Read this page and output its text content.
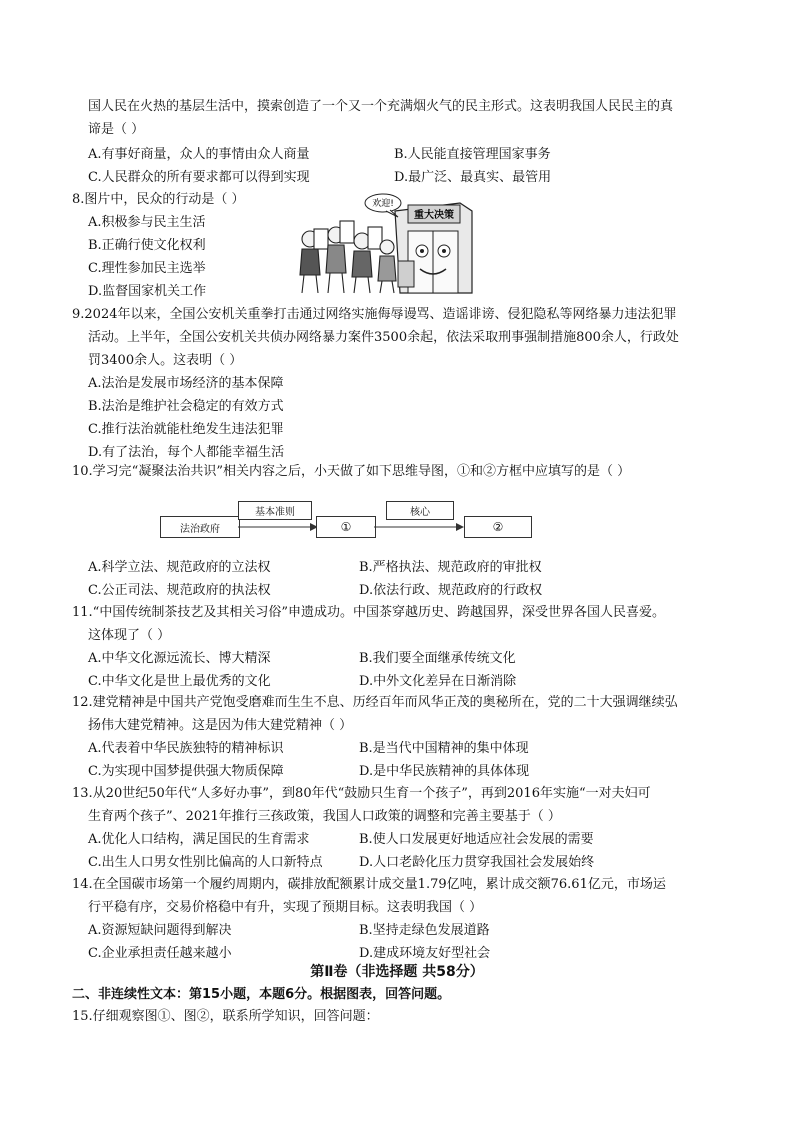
国人民在火热的基层生活中，摸索创造了一个又一个充满烟火气的民主形式。这表明我国人民民主的真
谛是（ ）
A.有事好商量，众人的事情由众人商量	B.人民能直接管理国家事务
C.人民群众的所有要求都可以得到实现	D.最广泛、最真实、最管用
8.图片中，民众的行动是（ ）
A.积极参与民主生活
B.正确行使文化权利
C.理性参加民主选举
D.监督国家机关工作
重大决策
欢迎!
9.2024年以来，全国公安机关重拳打击通过网络实施侮辱谩骂、造谣诽谤、侵犯隐私等网络暴力违法犯罪
活动。上半年，全国公安机关共侦办网络暴力案件3500余起，依法采取刑事强制措施800余人，行政处
罚3400余人。这表明（ ）
A.法治是发展市场经济的基本保障
B.法治是维护社会稳定的有效方式
C.推行法治就能杜绝发生违法犯罪
D.有了法治，每个人都能幸福生活
10.学习完“凝聚法治共识”相关内容之后，小天做了如下思维导图，①和②方框中应填写的是（ ）
法治政府
基本准则
①
核心
②
A.科学立法、规范政府的立法权	B.严格执法、规范政府的审批权
C.公正司法、规范政府的执法权	D.依法行政、规范政府的行政权
11.“中国传统制茶技艺及其相关习俗”申遗成功。中国茶穿越历史、跨越国界，深受世界各国人民喜爱。
这体现了（ ）
A.中华文化源远流长、博大精深	B.我们要全面继承传统文化
C.中华文化是世上最优秀的文化	D.中外文化差异在日渐消除
12.建党精神是中国共产党饱受磨难而生生不息、历经百年而风华正茂的奥秘所在，党的二十大强调继续弘
扬伟大建党精神。这是因为伟大建党精神（ ）
A.代表着中华民族独特的精神标识	B.是当代中国精神的集中体现
C.为实现中国梦提供强大物质保障	D.是中华民族精神的具体体现
13.从20世纪50年代“人多好办事”，到80年代“鼓励只生育一个孩子”，再到2016年实施“一对夫妇可
生育两个孩子”、2021年推行三孩政策，我国人口政策的调整和完善主要基于（ ）
A.优化人口结构，满足国民的生育需求	B.使人口发展更好地适应社会发展的需要
C.出生人口男女性别比偏高的人口新特点	D.人口老龄化压力贯穿我国社会发展始终
14.在全国碳市场第一个履约周期内，碳排放配额累计成交量1.79亿吨，累计成交额76.61亿元，市场运
行平稳有序，交易价格稳中有升，实现了预期目标。这表明我国（ ）
A.资源短缺问题得到解决	B.坚持走绿色发展道路
C.企业承担责任越来越小	D.建成环境友好型社会
第Ⅱ卷（非选择题 共58分）
二、非连续性文本：第15小题，本题6分。根据图表，回答问题。
15.仔细观察图①、图②，联系所学知识，回答问题：
